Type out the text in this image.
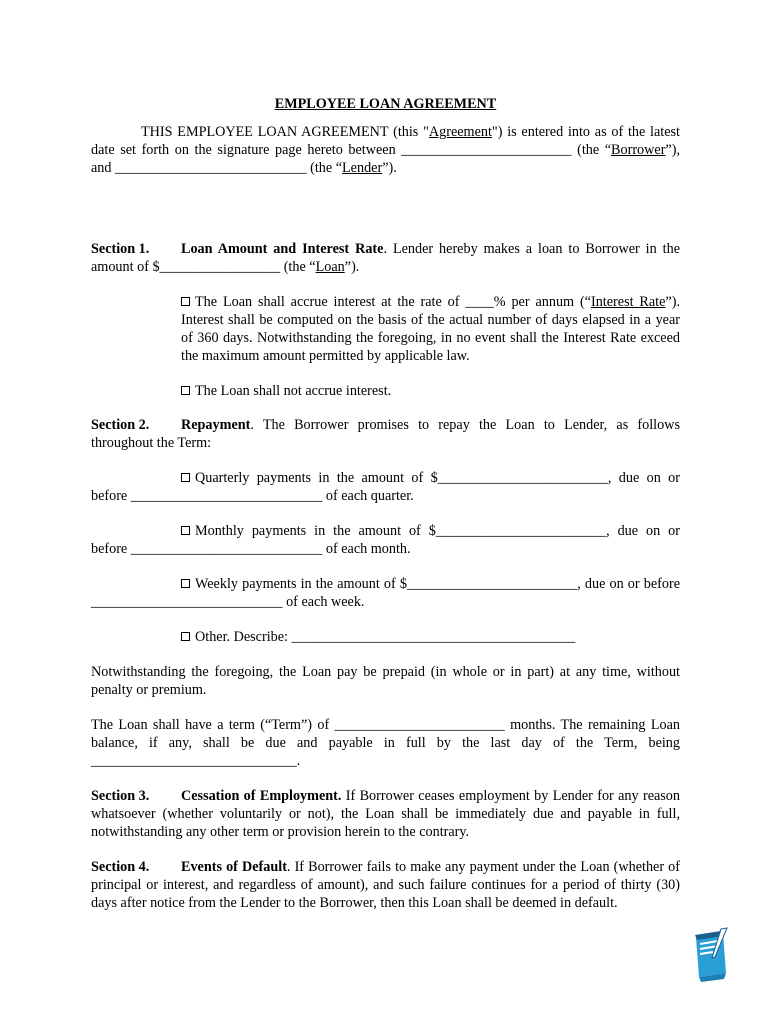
EMPLOYEE LOAN AGREEMENT

THIS EMPLOYEE LOAN AGREEMENT (this "Agreement") is entered into as of the latest date set forth on the signature page hereto between ________________________ (the “Borrower”), and ___________________________ (the “Lender”).

Section 1. Loan Amount and Interest Rate. Lender hereby makes a loan to Borrower in the amount of $_________________ (the “Loan”).

The Loan shall accrue interest at the rate of ____% per annum (“Interest Rate”). Interest shall be computed on the basis of the actual number of days elapsed in a year of 360 days. Notwithstanding the foregoing, in no event shall the Interest Rate exceed the maximum amount permitted by applicable law.

The Loan shall not accrue interest.

Section 2. Repayment. The Borrower promises to repay the Loan to Lender, as follows throughout the Term:

Quarterly payments in the amount of $________________________, due on or before ___________________________ of each quarter.

Monthly payments in the amount of $________________________, due on or before ___________________________ of each month.

Weekly payments in the amount of $________________________, due on or before ___________________________ of each week.

Other. Describe: ________________________________________

Notwithstanding the foregoing, the Loan pay be prepaid (in whole or in part) at any time, without penalty or premium.

The Loan shall have a term (“Term”) of ________________________ months. The remaining Loan balance, if any, shall be due and payable in full by the last day of the Term, being _____________________________.

Section 3. Cessation of Employment. If Borrower ceases employment by Lender for any reason whatsoever (whether voluntarily or not), the Loan shall be immediately due and payable in full, notwithstanding any other term or provision herein to the contrary.

Section 4. Events of Default. If Borrower fails to make any payment under the Loan (whether of principal or interest, and regardless of amount), and such failure continues for a period of thirty (30) days after notice from the Lender to the Borrower, then this Loan shall be deemed in default.
